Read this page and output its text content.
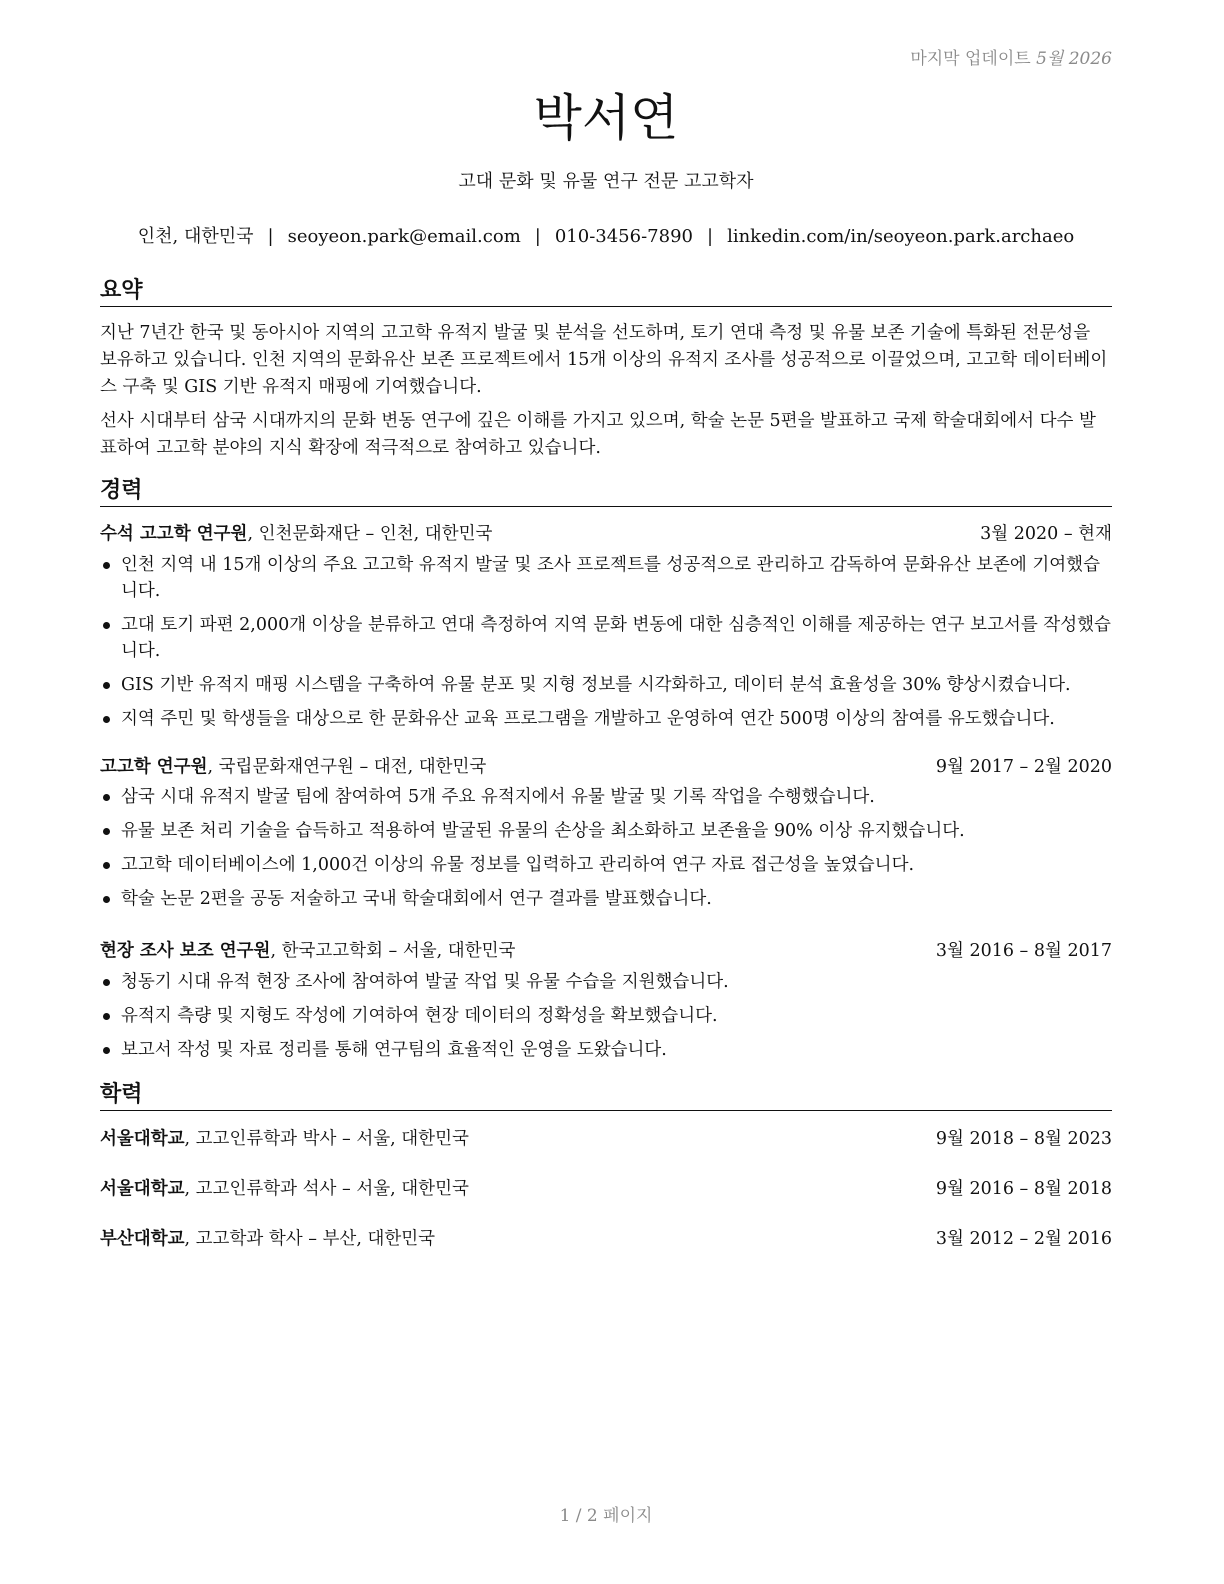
마지막 업데이트 5월 2026
박서연
고대 문화 및 유물 연구 전문 고고학자
인천, 대한민국 | seoyeon.park@email.com | 010-3456-7890 | linkedin.com/in/seoyeon.park.archaeo
요약

지난 7년간 한국 및 동아시아 지역의 고고학 유적지 발굴 및 분석을 선도하며, 토기 연대 측정 및 유물 보존 기술에 특화된 전문성을 보유하고 있습니다. 인천 지역의 문화유산 보존 프로젝트에서 15개 이상의 유적지 조사를 성공적으로 이끌었으며, 고고학 데이터베이스 구축 및 GIS 기반 유적지 매핑에 기여했습니다.

선사 시대부터 삼국 시대까지의 문화 변동 연구에 깊은 이해를 가지고 있으며, 학술 논문 5편을 발표하고 국제 학술대회에서 다수 발표하여 고고학 분야의 지식 확장에 적극적으로 참여하고 있습니다.

경력
수석 고고학 연구원, 인천문화재단 – 인천, 대한민국	3월 2020 – 현재
인천 지역 내 15개 이상의 주요 고고학 유적지 발굴 및 조사 프로젝트를 성공적으로 관리하고 감독하여 문화유산 보존에 기여했습니다.
고대 토기 파편 2,000개 이상을 분류하고 연대 측정하여 지역 문화 변동에 대한 심층적인 이해를 제공하는 연구 보고서를 작성했습니다.
GIS 기반 유적지 매핑 시스템을 구축하여 유물 분포 및 지형 정보를 시각화하고, 데이터 분석 효율성을 30% 향상시켰습니다.
지역 주민 및 학생들을 대상으로 한 문화유산 교육 프로그램을 개발하고 운영하여 연간 500명 이상의 참여를 유도했습니다.
고고학 연구원, 국립문화재연구원 – 대전, 대한민국	9월 2017 – 2월 2020
삼국 시대 유적지 발굴 팀에 참여하여 5개 주요 유적지에서 유물 발굴 및 기록 작업을 수행했습니다.
유물 보존 처리 기술을 습득하고 적용하여 발굴된 유물의 손상을 최소화하고 보존율을 90% 이상 유지했습니다.
고고학 데이터베이스에 1,000건 이상의 유물 정보를 입력하고 관리하여 연구 자료 접근성을 높였습니다.
학술 논문 2편을 공동 저술하고 국내 학술대회에서 연구 결과를 발표했습니다.
현장 조사 보조 연구원, 한국고고학회 – 서울, 대한민국	3월 2016 – 8월 2017
청동기 시대 유적 현장 조사에 참여하여 발굴 작업 및 유물 수습을 지원했습니다.
유적지 측량 및 지형도 작성에 기여하여 현장 데이터의 정확성을 확보했습니다.
보고서 작성 및 자료 정리를 통해 연구팀의 효율적인 운영을 도왔습니다.
학력
서울대학교, 고고인류학과 박사 – 서울, 대한민국	9월 2018 – 8월 2023
서울대학교, 고고인류학과 석사 – 서울, 대한민국	9월 2016 – 8월 2018
부산대학교, 고고학과 학사 – 부산, 대한민국	3월 2012 – 2월 2016
1 / 2 페이지
